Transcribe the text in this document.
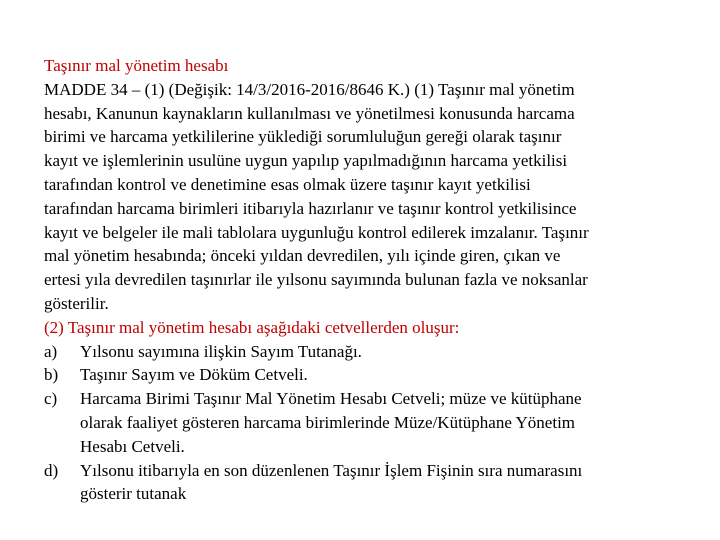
Taşınır mal yönetim hesabı
MADDE 34 – (1) (Değişik: 14/3/2016-2016/8646 K.) (1) Taşınır mal yönetim
hesabı, Kanunun kaynakların kullanılması ve yönetilmesi konusunda harcama
birimi ve harcama yetkililerine yüklediği sorumluluğun gereği olarak taşınır
kayıt ve işlemlerinin usulüne uygun yapılıp yapılmadığının harcama yetkilisi
tarafından kontrol ve denetimine esas olmak üzere taşınır kayıt yetkilisi
tarafından harcama birimleri itibarıyla hazırlanır ve taşınır kontrol yetkilisince
kayıt ve belgeler ile mali tablolara uygunluğu kontrol edilerek imzalanır. Taşınır
mal yönetim hesabında; önceki yıldan devredilen, yılı içinde giren, çıkan ve
ertesi yıla devredilen taşınırlar ile yılsonu sayımında bulunan fazla ve noksanlar
gösterilir.
(2) Taşınır mal yönetim hesabı aşağıdaki cetvellerden oluşur:
a)	Yılsonu sayımına ilişkin Sayım Tutanağı.
b)	Taşınır Sayım ve Döküm Cetveli.
c)	Harcama Birimi Taşınır Mal Yönetim Hesabı Cetveli; müze ve kütüphane
olarak faaliyet gösteren harcama birimlerinde Müze/Kütüphane Yönetim
Hesabı Cetveli.
d)	Yılsonu itibarıyla en son düzenlenen Taşınır İşlem Fişinin sıra numarasını
gösterir tutanak
